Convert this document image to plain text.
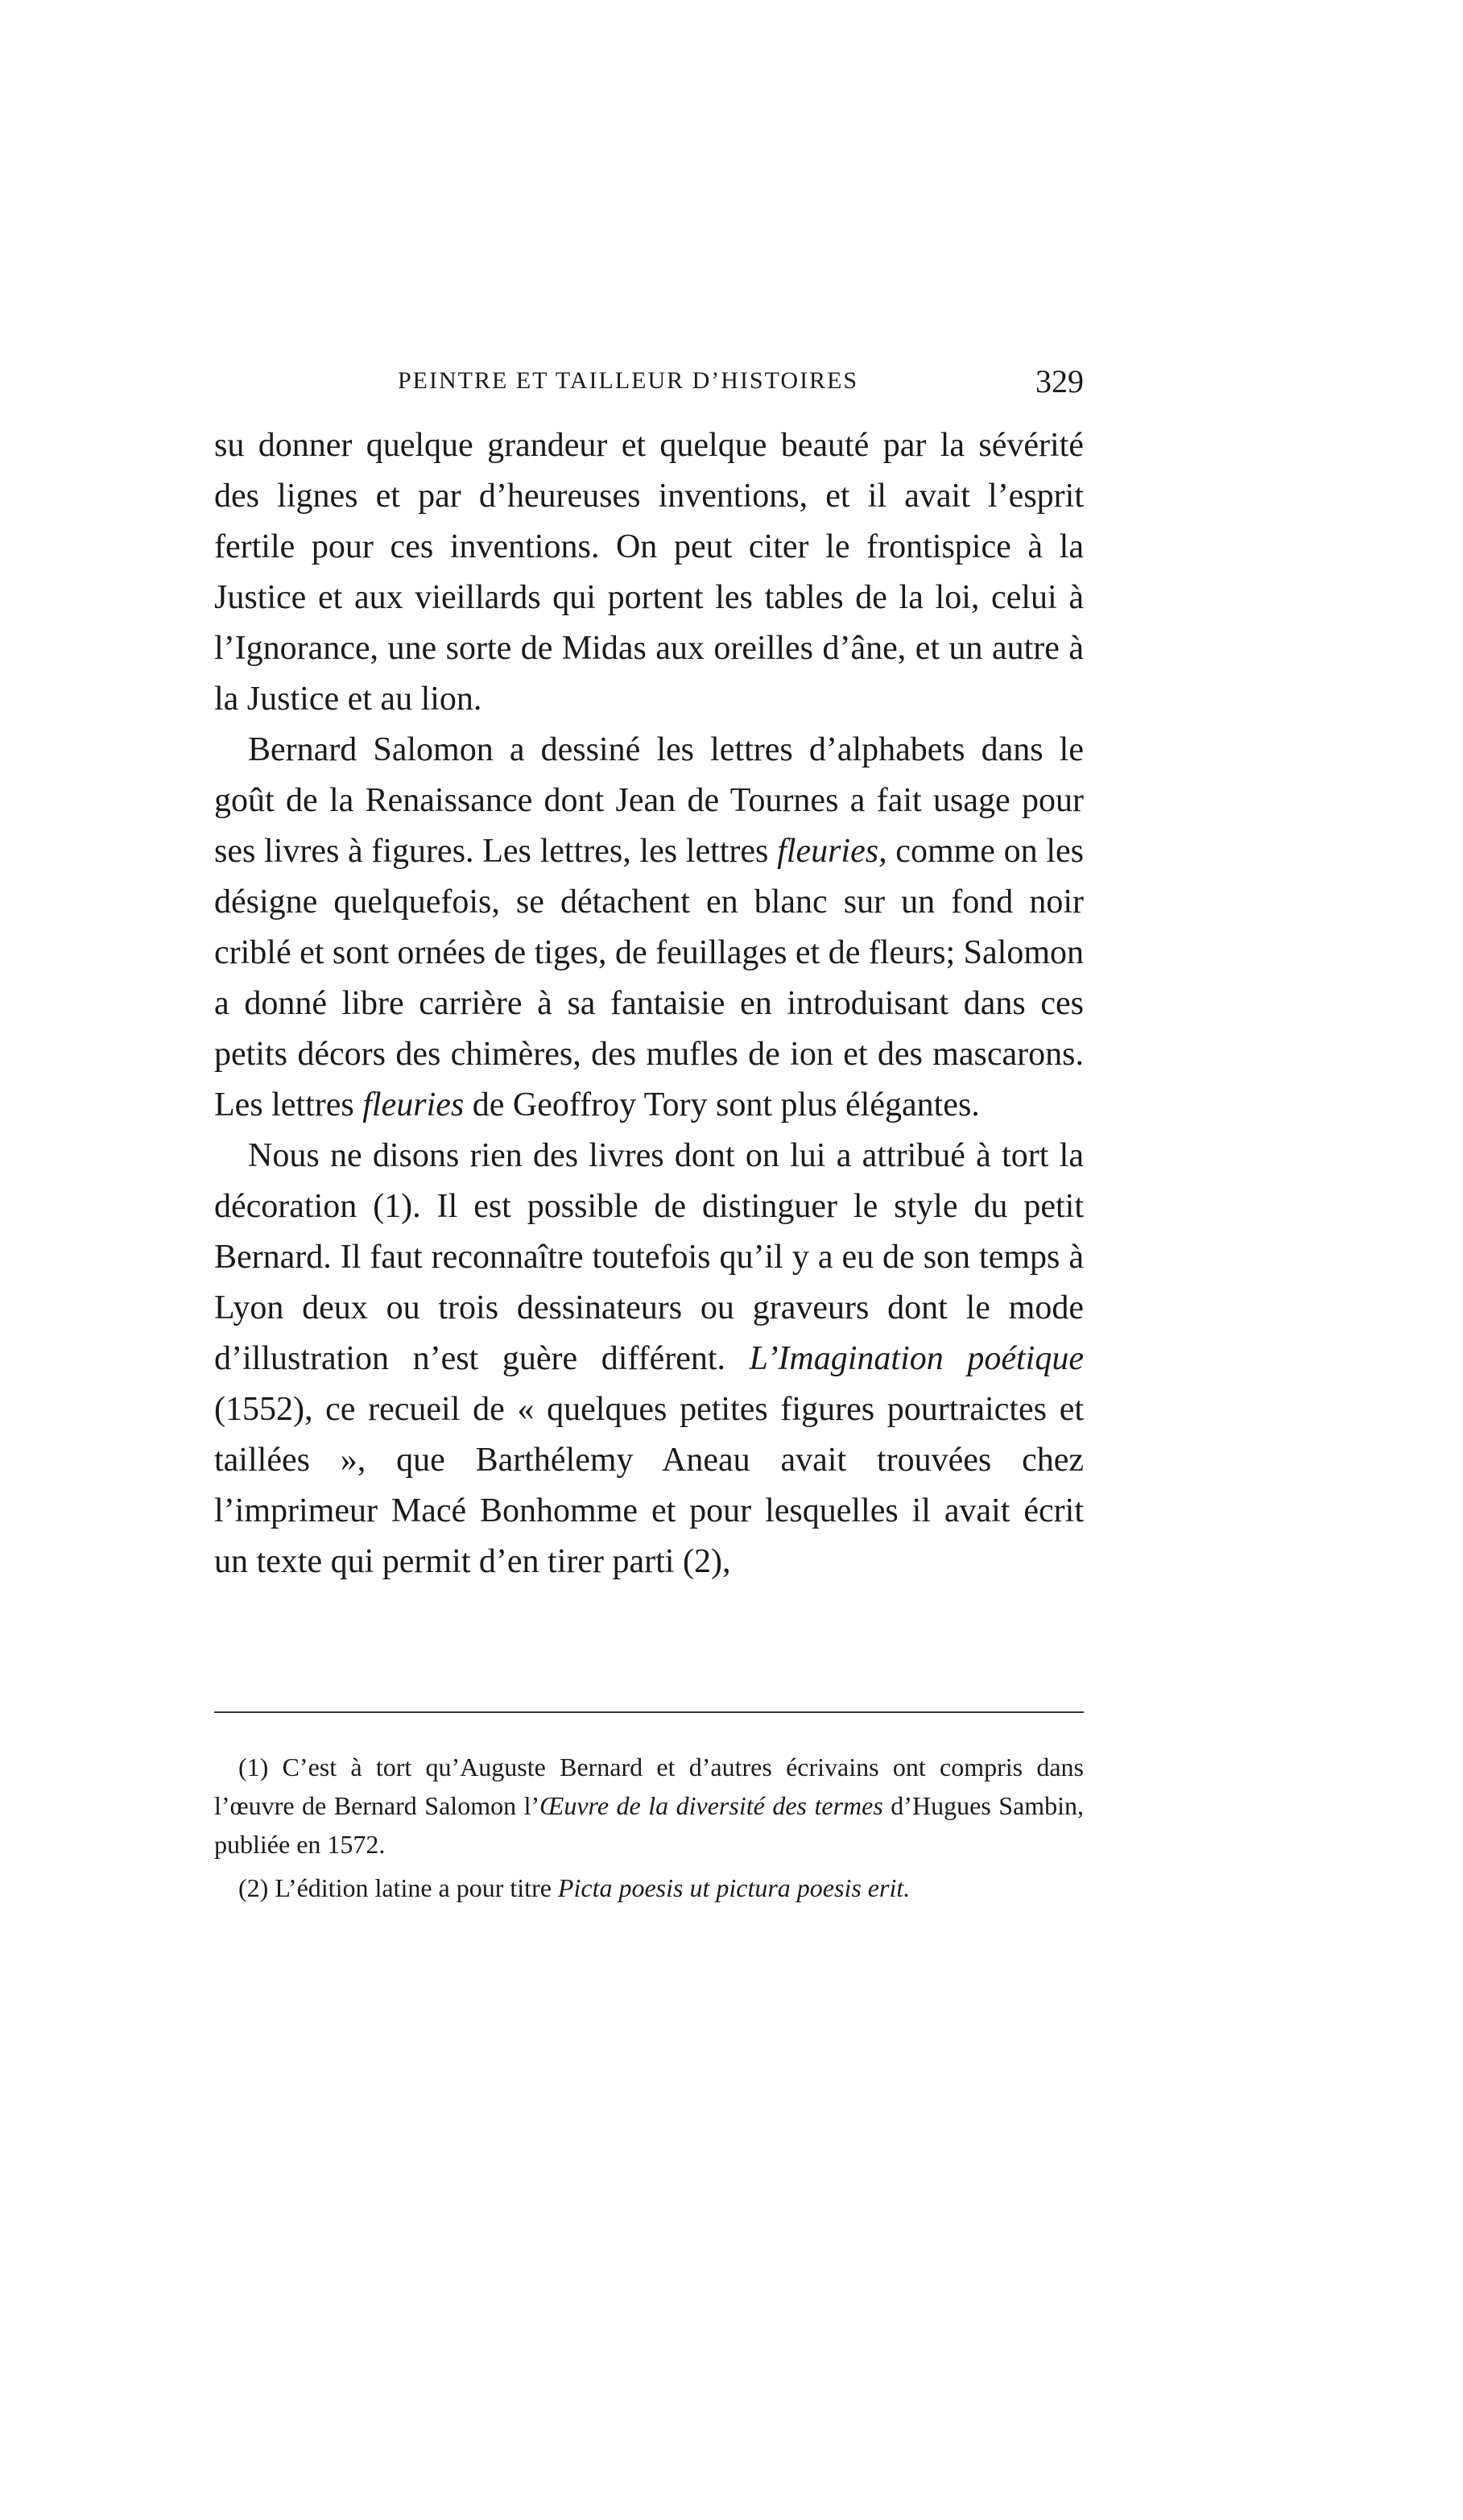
PEINTRE ET TAILLEUR D’HISTOIRES	329

su donner quelque grandeur et quelque beauté par la sévérité des lignes et par d’heureuses inventions, et il avait l’esprit fertile pour ces inventions. On peut citer le frontispice à la Justice et aux vieillards qui portent les tables de la loi, celui à l’Ignorance, une sorte de Midas aux oreilles d’âne, et un autre à la Justice et au lion.

Bernard Salomon a dessiné les lettres d’alphabets dans le goût de la Renaissance dont Jean de Tournes a fait usage pour ses livres à figures. Les lettres, les lettres fleuries, comme on les désigne quelquefois, se détachent en blanc sur un fond noir criblé et sont ornées de tiges, de feuillages et de fleurs; Salomon a donné libre carrière à sa fantaisie en introduisant dans ces petits décors des chimères, des mufles de ion et des mascarons. Les lettres fleuries de Geoffroy Tory sont plus élégantes.

Nous ne disons rien des livres dont on lui a attribué à tort la décoration (1). Il est possible de distinguer le style du petit Bernard. Il faut reconnaître toutefois qu’il y a eu de son temps à Lyon deux ou trois dessinateurs ou graveurs dont le mode d’illustration n’est guère différent. L’Imagination poétique (1552), ce recueil de « quelques petites figures pourtraictes et taillées », que Barthélemy Aneau avait trouvées chez l’imprimeur Macé Bonhomme et pour lesquelles il avait écrit un texte qui permit d’en tirer parti (2),

(1) C’est à tort qu’Auguste Bernard et d’autres écrivains ont compris dans l’œuvre de Bernard Salomon l’Œuvre de la diversité des termes d’Hugues Sambin, publiée en 1572.

(2) L’édition latine a pour titre Picta poesis ut pictura poesis erit.
